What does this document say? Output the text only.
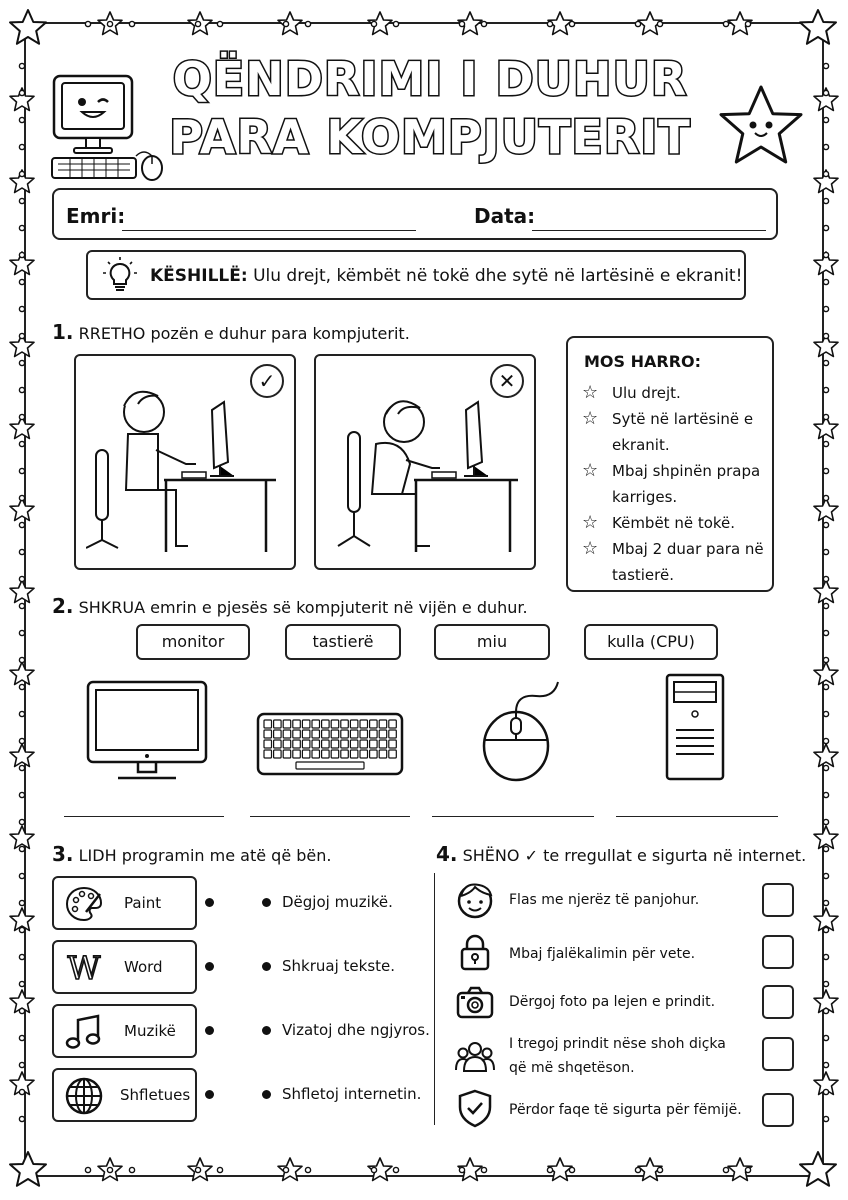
QËNDRIMI I DUHUR
PARA KOMPJUTERIT
Emri:	Data:
KËSHILLË: Ulu drejt, këmbët në tokë dhe sytë në lartësinë e ekranit!
1. RRETHO pozën e duhur para kompjuterit.
✓	✕
MOS HARRO:
☆ Ulu drejt.
☆ Sytë në lartësinë e ekranit.
☆ Mbaj shpinën prapa karriges.
☆ Këmbët në tokë.
☆ Mbaj 2 duar para në tastierë.
2. SHKRUA emrin e pjesës së kompjuterit në vijën e duhur.
monitor	tastierë	miu	kulla (CPU)
3. LIDH programin me atë që bën.
Paint
W Word
Muzikë
Shfletues
Dëgjoj muzikë.
Shkruaj tekste.
Vizatoj dhe ngjyros.
Shfletoj internetin.
4. SHËNO ✓ te rregullat e sigurta në internet.
Flas me njerëz të panjohur.
Mbaj fjalëkalimin për vete.
Dërgoj foto pa lejen e prindit.
I tregoj prindit nëse shoh diçka
që më shqetëson.
Përdor faqe të sigurta për fëmijë.
